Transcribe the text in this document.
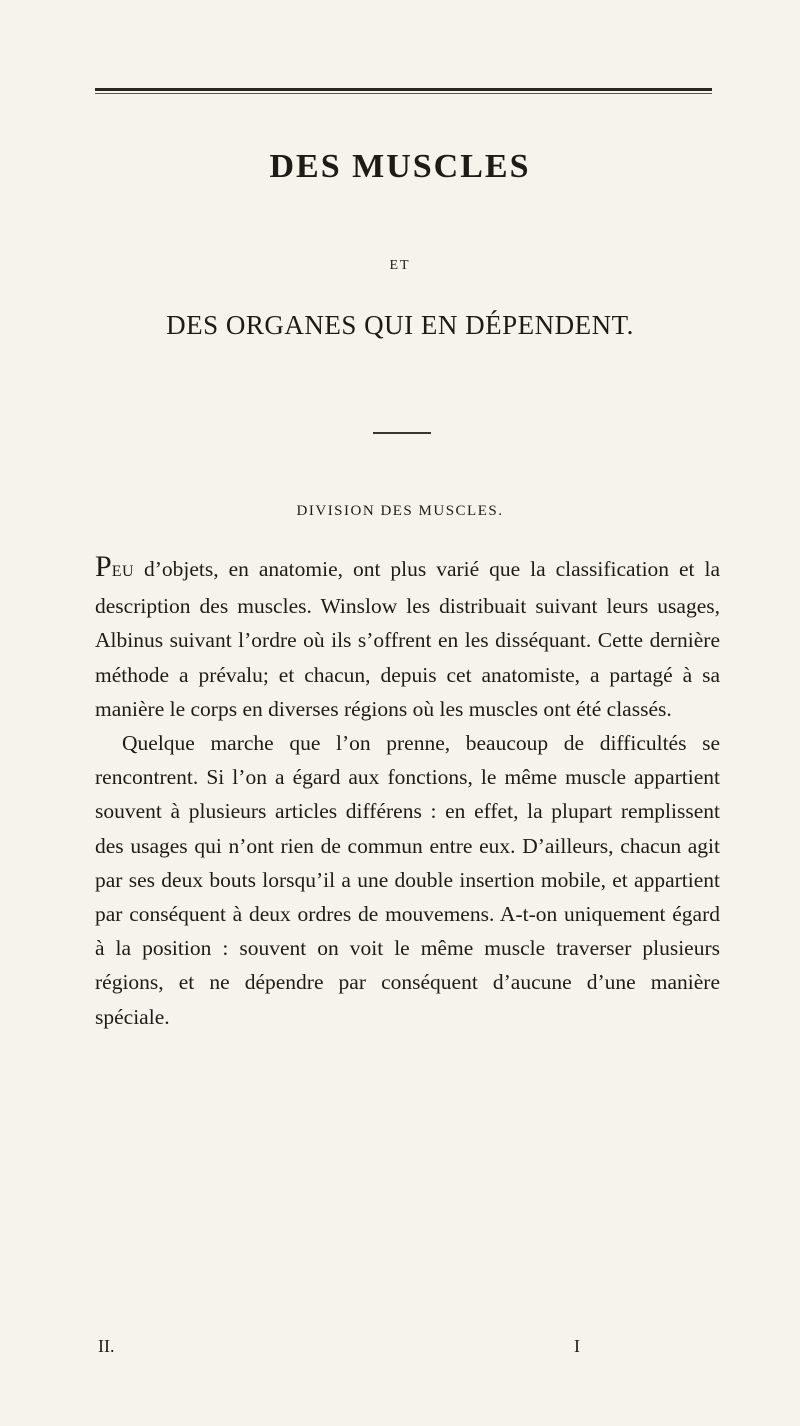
DES MUSCLES
ET
DES ORGANES QUI EN DÉPENDENT.
DIVISION DES MUSCLES.

PEU d’objets, en anatomie, ont plus varié que la classification et la description des muscles. Winslow les distribuait suivant leurs usages, Albinus suivant l’ordre où ils s’offrent en les disséquant. Cette dernière méthode a prévalu; et chacun, depuis cet anatomiste, a partagé à sa manière le corps en diverses régions où les muscles ont été classés.

Quelque marche que l’on prenne, beaucoup de difficultés se rencontrent. Si l’on a égard aux fonctions, le même muscle appartient souvent à plusieurs articles différens : en effet, la plupart remplissent des usages qui n’ont rien de commun entre eux. D’ailleurs, chacun agit par ses deux bouts lorsqu’il a une double insertion mobile, et appartient par conséquent à deux ordres de mouvemens. A-t-on uniquement égard à la position : souvent on voit le même muscle traverser plusieurs régions, et ne dépendre par conséquent d’aucune d’une manière spéciale.

II.	I
